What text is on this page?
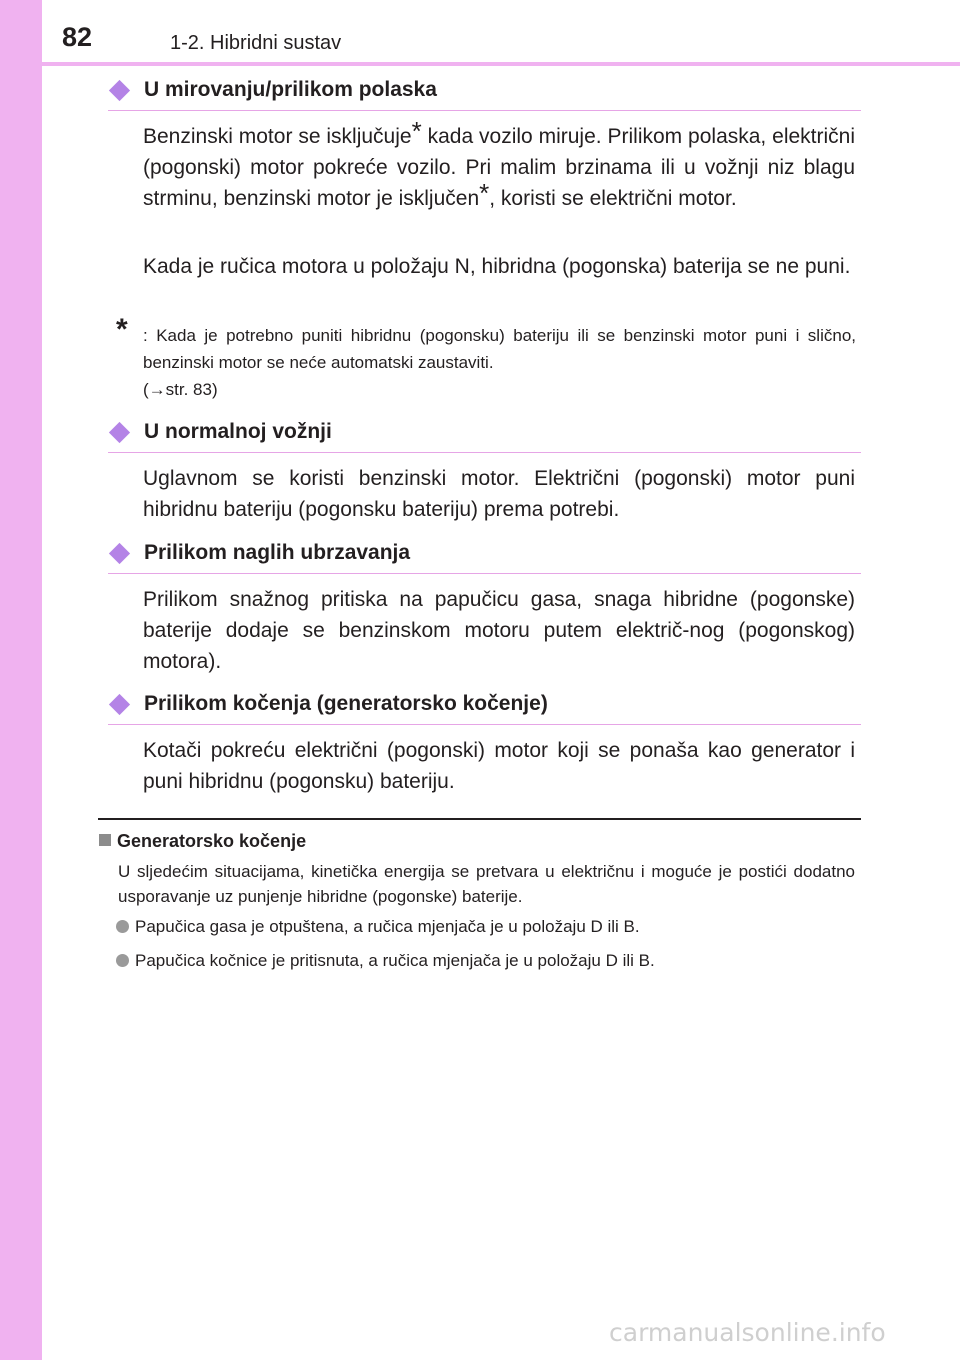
82	1-2. Hibridni sustav
U mirovanju/prilikom polaska
Benzinski motor se isključuje* kada vozilo miruje. Prilikom polaska, električni (pogonski) motor pokreće vozilo. Pri malim brzinama ili u vožnji niz blagu strminu, benzinski motor je isključen*, koristi se električni motor.
Kada je ručica motora u položaju N, hibridna (pogonska) baterija se ne puni.
* : Kada je potrebno puniti hibridnu (pogonsku) bateriju ili se benzinski motor puni i slično, benzinski motor se neće automatski zaustaviti.
(→str. 83)
U normalnoj vožnji
Uglavnom se koristi benzinski motor. Električni (pogonski) motor puni hibridnu bateriju (pogonsku bateriju) prema potrebi.
Prilikom naglih ubrzavanja
Prilikom snažnog pritiska na papučicu gasa, snaga hibridne (pogonske) baterije dodaje se benzinskom motoru putem električ-nog (pogonskog) motora).
Prilikom kočenja (generatorsko kočenje)
Kotači pokreću električni (pogonski) motor koji se ponaša kao generator i puni hibridnu (pogonsku) bateriju.
Generatorsko kočenje
U sljedećim situacijama, kinetička energija se pretvara u električnu i moguće je postići dodatno usporavanje uz punjenje hibridne (pogonske) baterije.
Papučica gasa je otpuštena, a ručica mjenjača je u položaju D ili B.
Papučica kočnice je pritisnuta, a ručica mjenjača je u položaju D ili B.
carmanualsonline.info
